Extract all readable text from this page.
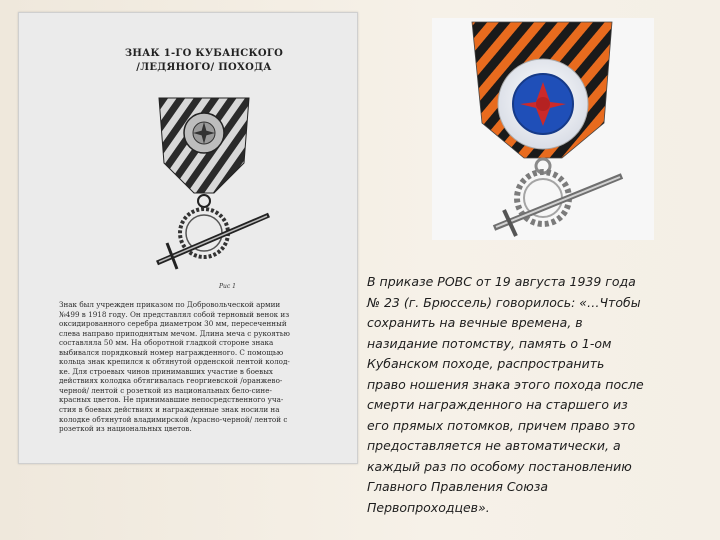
ЗНАК 1-ГО КУБАНСКОГО
/ЛЕДЯНОГО/ ПОХОДА
Рис 1
Знак был учрежден приказом по Добровольческой армии
№499 в 1918 году. Он представлял собой терновый венок из
оксидированного серебра диаметром 30 мм, пересеченный
слева направо приподнятым мечом. Длина меча с рукоятью
составляла 50 мм. На оборотной гладкой стороне знака
выбивался порядковый номер награжденного. С помощью
кольца знак крепился к обтянутой орденской лентой колод-
ке. Для строевых чинов принимавших участие в боевых
действиях колодка обтягивалась георгиевской /оранжево-
черной/ лентой с розеткой из национальных бело-сине-
красных цветов. Не принимавшие непосредственного уча-
стия в боевых действиях и награжденные знак носили на
колодке обтянутой владимирской /красно-черной/ лентой с
розеткой из национальных цветов.
В приказе РОВС от 19 августа 1939 года
№ 23 (г. Брюссель) говорилось: «…Чтобы
сохранить на вечные времена, в
назидание потомству, память о 1-ом
Кубанском походе, распространить
право ношения знака этого похода после
смерти награжденного на старшего из
его прямых потомков, причем право это
предоставляется не автоматически, а
каждый раз по особому постановлению
Главного Правления Союза
Первопроходцев».
